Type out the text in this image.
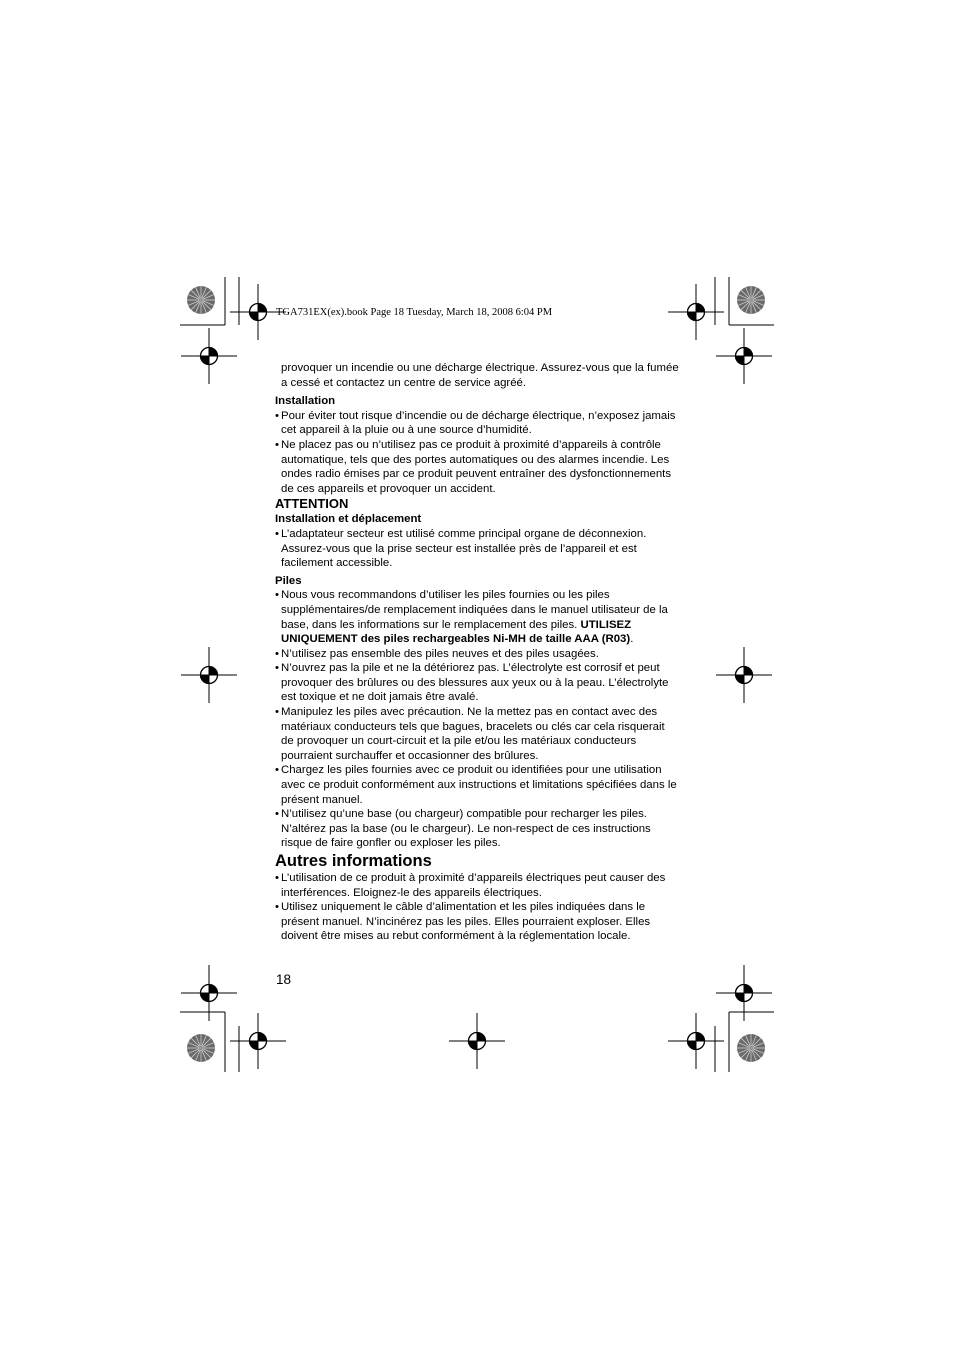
TGA731EX(ex).book Page 18 Tuesday, March 18, 2008 6:04 PM

provoquer un incendie ou une décharge électrique. Assurez-vous que la fumée a cessé et contactez un centre de service agréé.

Installation

• Pour éviter tout risque d’incendie ou de décharge électrique, n’exposez jamais cet appareil à la pluie ou à une source d’humidité.
• Ne placez pas ou n’utilisez pas ce produit à proximité d’appareils à contrôle automatique, tels que des portes automatiques ou des alarmes incendie. Les ondes radio émises par ce produit peuvent entraîner des dysfonctionnements de ces appareils et provoquer un accident.

ATTENTION

Installation et déplacement

• L’adaptateur secteur est utilisé comme principal organe de déconnexion. Assurez-vous que la prise secteur est installée près de l’appareil et est facilement accessible.

Piles

• Nous vous recommandons d’utiliser les piles fournies ou les piles supplémentaires/de remplacement indiquées dans le manuel utilisateur de la base, dans les informations sur le remplacement des piles. UTILISEZ UNIQUEMENT des piles rechargeables Ni-MH de taille AAA (R03).
• N’utilisez pas ensemble des piles neuves et des piles usagées.
• N’ouvrez pas la pile et ne la détériorez pas. L’électrolyte est corrosif et peut provoquer des brûlures ou des blessures aux yeux ou à la peau. L’électrolyte est toxique et ne doit jamais être avalé.
• Manipulez les piles avec précaution. Ne la mettez pas en contact avec des matériaux conducteurs tels que bagues, bracelets ou clés car cela risquerait de provoquer un court-circuit et la pile et/ou les matériaux conducteurs pourraient surchauffer et occasionner des brûlures.
• Chargez les piles fournies avec ce produit ou identifiées pour une utilisation avec ce produit conformément aux instructions et limitations spécifiées dans le présent manuel.
• N’utilisez qu’une base (ou chargeur) compatible pour recharger les piles. N’altérez pas la base (ou le chargeur). Le non-respect de ces instructions risque de faire gonfler ou exploser les piles.

Autres informations

• L’utilisation de ce produit à proximité d’appareils électriques peut causer des interférences. Eloignez-le des appareils électriques.
• Utilisez uniquement le câble d’alimentation et les piles indiquées dans le présent manuel. N’incinérez pas les piles. Elles pourraient exploser. Elles doivent être mises au rebut conformément à la réglementation locale.
18
